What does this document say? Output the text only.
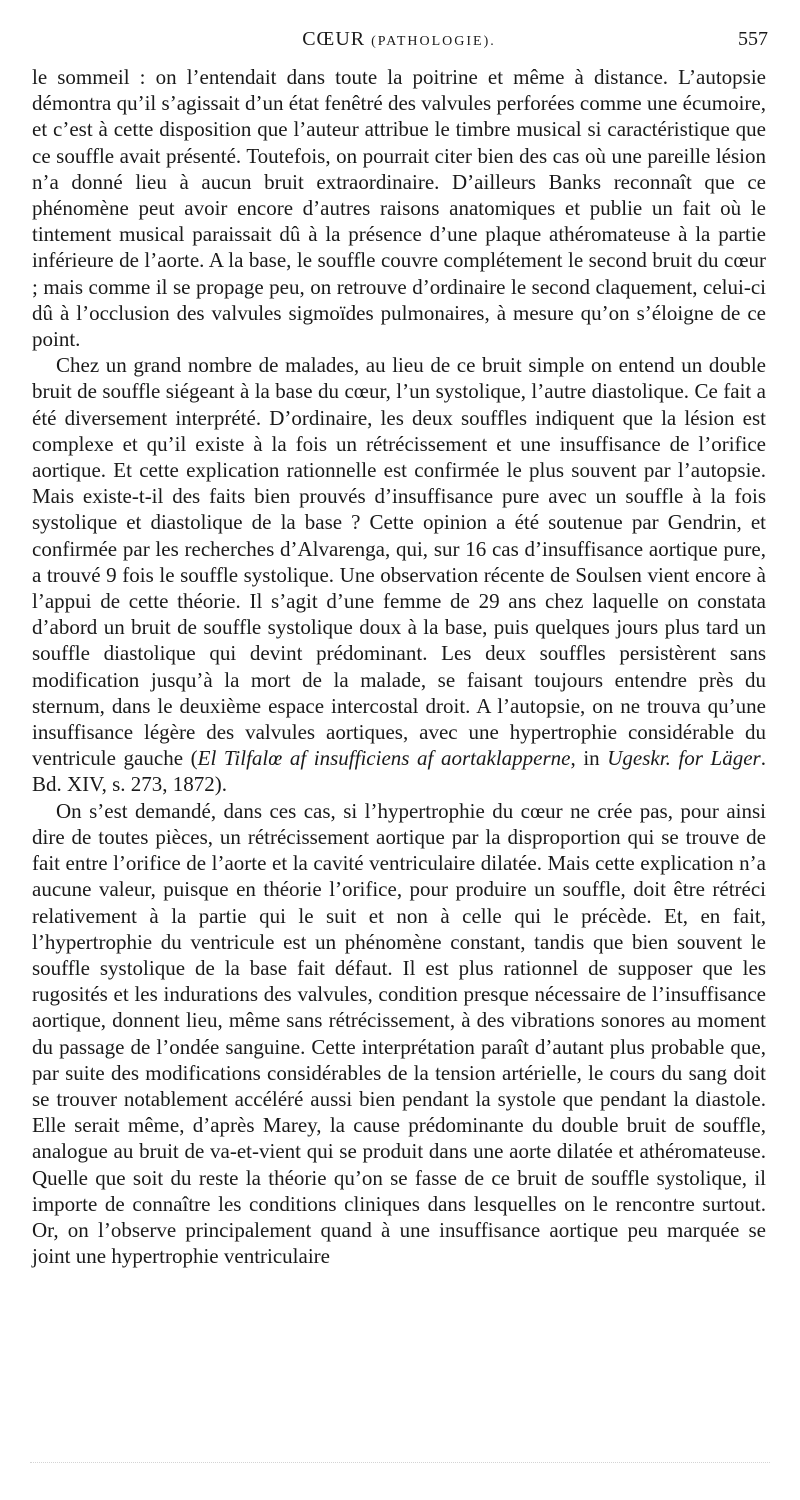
CŒUR (PATHOLOGIE).	557

le sommeil : on l’entendait dans toute la poitrine et même à distance. L’autopsie démontra qu’il s’agissait d’un état fenêtré des valvules perforées comme une écumoire, et c’est à cette disposition que l’auteur attribue le timbre musical si caractéristique que ce souffle avait présenté. Toutefois, on pourrait citer bien des cas où une pareille lésion n’a donné lieu à aucun bruit extraordinaire. D’ailleurs Banks reconnaît que ce phénomène peut avoir encore d’autres raisons anatomiques et publie un fait où le tintement musical paraissait dû à la présence d’une plaque athéromateuse à la partie inférieure de l’aorte. A la base, le souffle couvre complétement le second bruit du cœur ; mais comme il se propage peu, on retrouve d’ordinaire le second claquement, celui-ci dû à l’occlusion des valvules sigmoïdes pulmonaires, à mesure qu’on s’éloigne de ce point.

Chez un grand nombre de malades, au lieu de ce bruit simple on entend un double bruit de souffle siégeant à la base du cœur, l’un systolique, l’autre diastolique. Ce fait a été diversement interprété. D’ordinaire, les deux souffles indiquent que la lésion est complexe et qu’il existe à la fois un rétrécissement et une insuffisance de l’orifice aortique. Et cette explication rationnelle est confirmée le plus souvent par l’autopsie. Mais existe-t-il des faits bien prouvés d’insuffisance pure avec un souffle à la fois systolique et diastolique de la base ? Cette opinion a été soutenue par Gendrin, et confirmée par les recherches d’Alvarenga, qui, sur 16 cas d’insuffisance aortique pure, a trouvé 9 fois le souffle systolique. Une observation récente de Soulsen vient encore à l’appui de cette théorie. Il s’agit d’une femme de 29 ans chez laquelle on constata d’abord un bruit de souffle systolique doux à la base, puis quelques jours plus tard un souffle diastolique qui devint prédominant. Les deux souffles persistèrent sans modification jusqu’à la mort de la malade, se faisant toujours entendre près du sternum, dans le deuxième espace intercostal droit. A l’autopsie, on ne trouva qu’une insuffisance légère des valvules aortiques, avec une hypertrophie considérable du ventricule gauche (El Tilfalœ af insufficiens af aortaklapperne, in Ugeskr. for Läger. Bd. XIV, s. 273, 1872).

On s’est demandé, dans ces cas, si l’hypertrophie du cœur ne crée pas, pour ainsi dire de toutes pièces, un rétrécissement aortique par la disproportion qui se trouve de fait entre l’orifice de l’aorte et la cavité ventriculaire dilatée. Mais cette explication n’a aucune valeur, puisque en théorie l’orifice, pour produire un souffle, doit être rétréci relativement à la partie qui le suit et non à celle qui le précède. Et, en fait, l’hypertrophie du ventricule est un phénomène constant, tandis que bien souvent le souffle systolique de la base fait défaut. Il est plus rationnel de supposer que les rugosités et les indurations des valvules, condition presque nécessaire de l’insuffisance aortique, donnent lieu, même sans rétrécissement, à des vibrations sonores au moment du passage de l’ondée sanguine. Cette interprétation paraît d’autant plus probable que, par suite des modifications considérables de la tension artérielle, le cours du sang doit se trouver notablement accéléré aussi bien pendant la systole que pendant la diastole. Elle serait même, d’après Marey, la cause prédominante du double bruit de souffle, analogue au bruit de va-et-vient qui se produit dans une aorte dilatée et athéromateuse. Quelle que soit du reste la théorie qu’on se fasse de ce bruit de souffle systolique, il importe de connaître les conditions cliniques dans lesquelles on le rencontre surtout. Or, on l’observe principalement quand à une insuffisance aortique peu marquée se joint une hypertrophie ventriculaire
